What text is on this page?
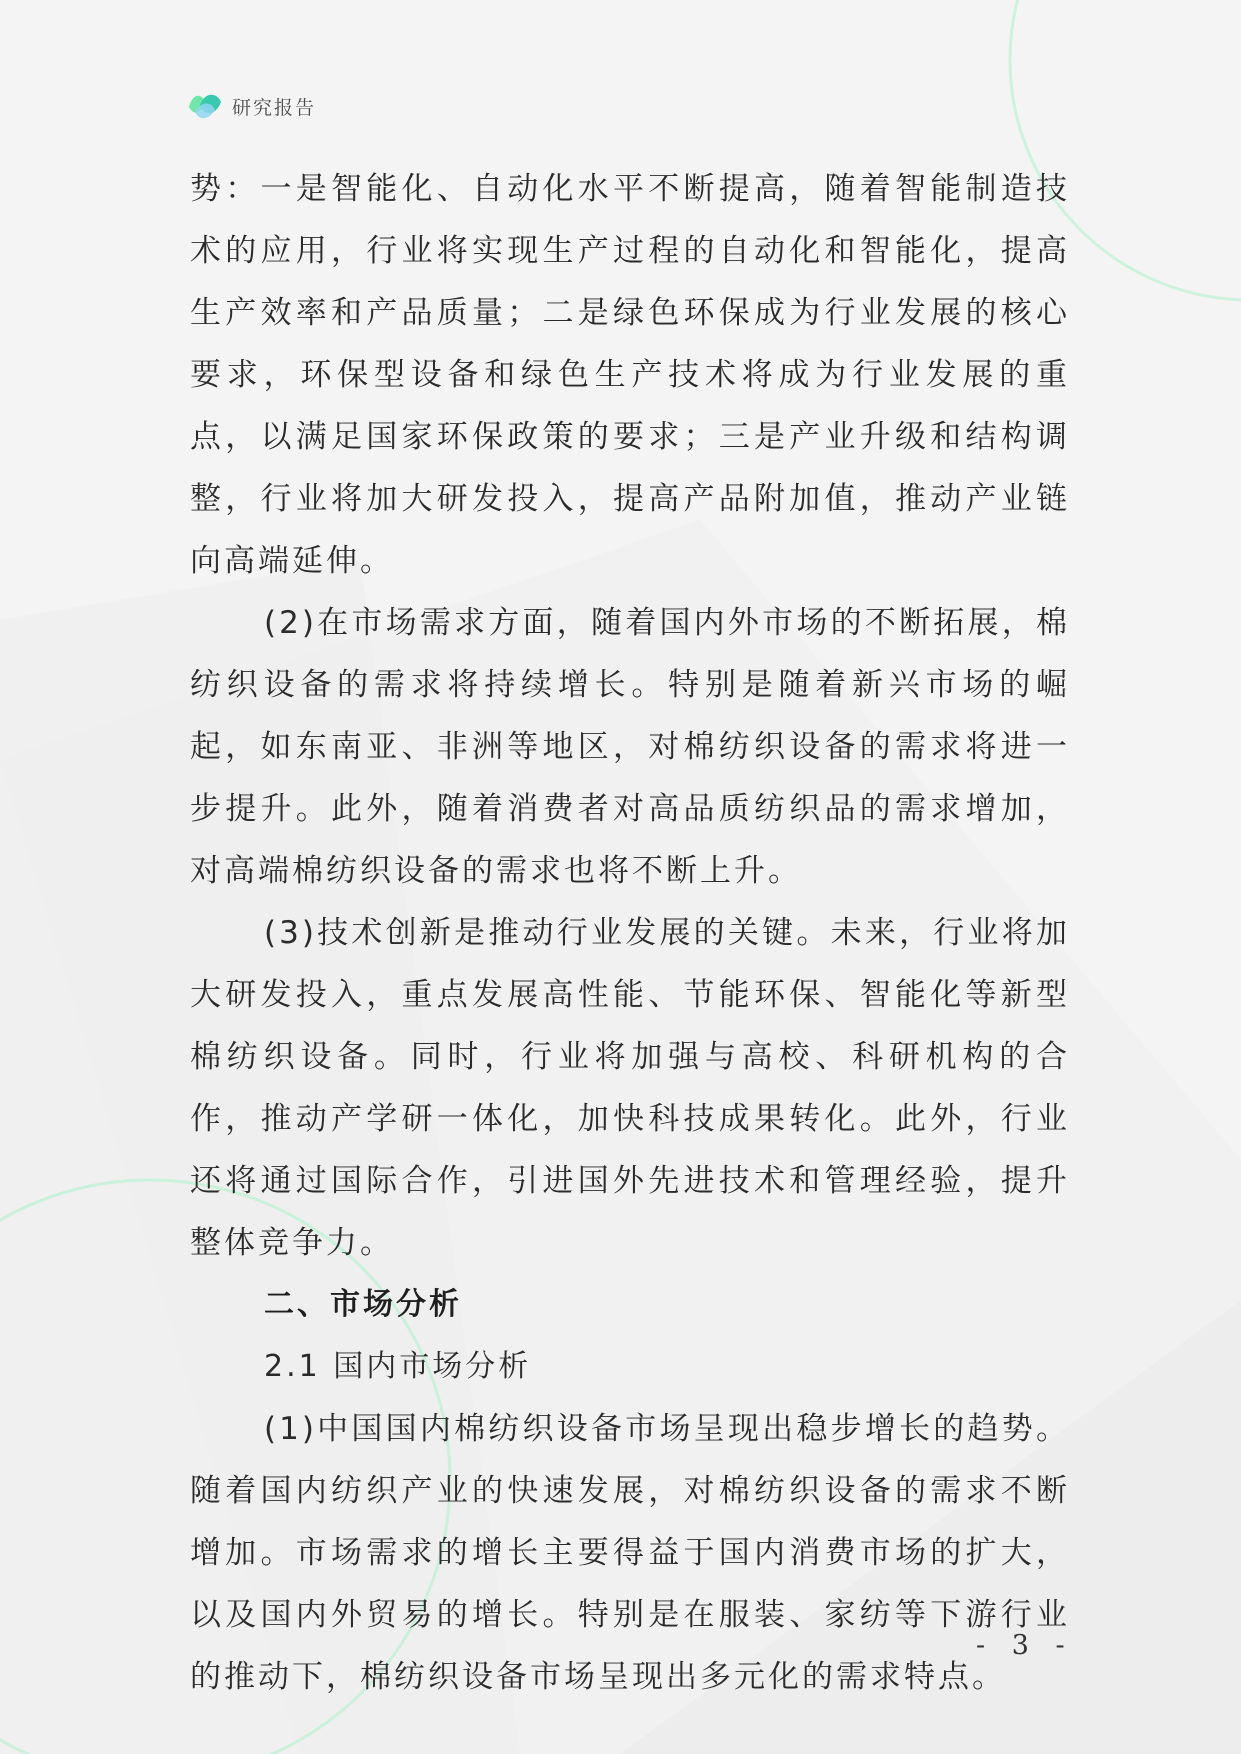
研究报告

势：一是智能化、自动化水平不断提高，随着智能制造技术的应用，行业将实现生产过程的自动化和智能化，提高生产效率和产品质量；二是绿色环保成为行业发展的核心要求，环保型设备和绿色生产技术将成为行业发展的重点，以满足国家环保政策的要求；三是产业升级和结构调整，行业将加大研发投入，提高产品附加值，推动产业链向高端延伸。

(2)在市场需求方面，随着国内外市场的不断拓展，棉纺织设备的需求将持续增长。特别是随着新兴市场的崛起，如东南亚、非洲等地区，对棉纺织设备的需求将进一步提升。此外，随着消费者对高品质纺织品的需求增加，对高端棉纺织设备的需求也将不断上升。

(3)技术创新是推动行业发展的关键。未来，行业将加大研发投入，重点发展高性能、节能环保、智能化等新型棉纺织设备。同时，行业将加强与高校、科研机构的合作，推动产学研一体化，加快科技成果转化。此外，行业还将通过国际合作，引进国外先进技术和管理经验，提升整体竞争力。

二、市场分析

2.1 国内市场分析

(1)中国国内棉纺织设备市场呈现出稳步增长的趋势。随着国内纺织产业的快速发展，对棉纺织设备的需求不断增加。市场需求的增长主要得益于国内消费市场的扩大，以及国内外贸易的增长。特别是在服装、家纺等下游行业的推动下，棉纺织设备市场呈现出多元化的需求特点。

- 3 -
